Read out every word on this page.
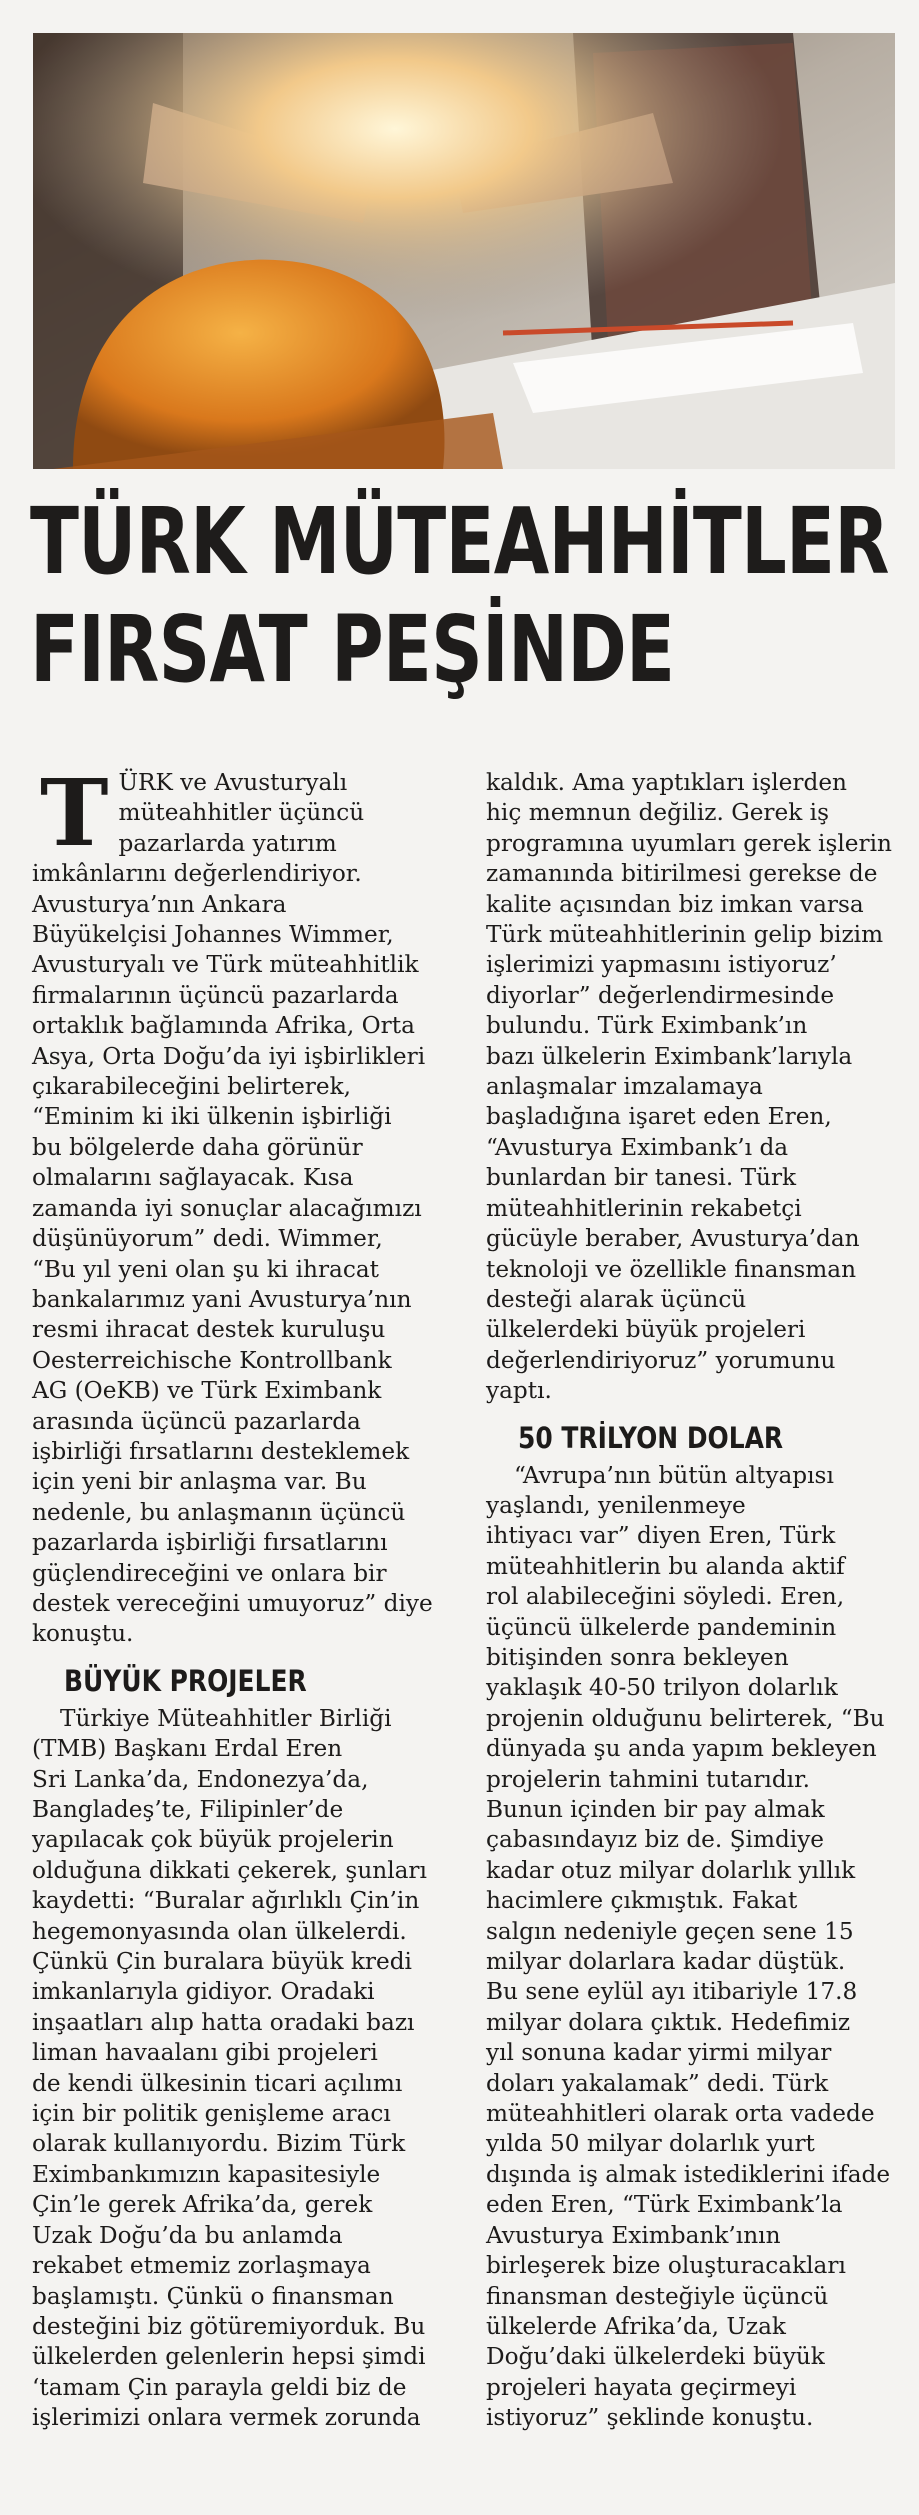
TÜRK MÜTEAHHİTLER
FIRSAT PEŞİNDE
T ÜRK ve Avusturyalı
müteahhitler üçüncü
pazarlarda yatırım
imkânlarını değerlendiriyor.
Avusturya’nın Ankara
Büyükelçisi Johannes Wimmer,
Avusturyalı ve Türk müteahhitlik
firmalarının üçüncü pazarlarda
ortaklık bağlamında Afrika, Orta
Asya, Orta Doğu’da iyi işbirlikleri
çıkarabileceğini belirterek,
“Eminim ki iki ülkenin işbirliği
bu bölgelerde daha görünür
olmalarını sağlayacak. Kısa
zamanda iyi sonuçlar alacağımızı
düşünüyorum” dedi. Wimmer,
“Bu yıl yeni olan şu ki ihracat
bankalarımız yani Avusturya’nın
resmi ihracat destek kuruluşu
Oesterreichische Kontrollbank
AG (OeKB) ve Türk Eximbank
arasında üçüncü pazarlarda
işbirliği fırsatlarını desteklemek
için yeni bir anlaşma var. Bu
nedenle, bu anlaşmanın üçüncü
pazarlarda işbirliği fırsatlarını
güçlendireceğini ve onlara bir
destek vereceğini umuyoruz” diye
konuştu.

BÜYÜK PROJELER

Türkiye Müteahhitler Birliği
(TMB) Başkanı Erdal Eren
Sri Lanka’da, Endonezya’da,
Bangladeş’te, Filipinler’de
yapılacak çok büyük projelerin
olduğuna dikkati çekerek, şunları
kaydetti: “Buralar ağırlıklı Çin’in
hegemonyasında olan ülkelerdi.
Çünkü Çin buralara büyük kredi
imkanlarıyla gidiyor. Oradaki
inşaatları alıp hatta oradaki bazı
liman havaalanı gibi projeleri
de kendi ülkesinin ticari açılımı
için bir politik genişleme aracı
olarak kullanıyordu. Bizim Türk
Eximbankımızın kapasitesiyle
Çin’le gerek Afrika’da, gerek
Uzak Doğu’da bu anlamda
rekabet etmemiz zorlaşmaya
başlamıştı. Çünkü o finansman
desteğini biz götüremiyorduk. Bu
ülkelerden gelenlerin hepsi şimdi
‘tamam Çin parayla geldi biz de
işlerimizi onlara vermek zorunda

kaldık. Ama yaptıkları işlerden
hiç memnun değiliz. Gerek iş
programına uyumları gerek işlerin
zamanında bitirilmesi gerekse de
kalite açısından biz imkan varsa
Türk müteahhitlerinin gelip bizim
işlerimizi yapmasını istiyoruz’
diyorlar” değerlendirmesinde
bulundu. Türk Eximbank’ın
bazı ülkelerin Eximbank’larıyla
anlaşmalar imzalamaya
başladığına işaret eden Eren,
“Avusturya Eximbank’ı da
bunlardan bir tanesi. Türk
müteahhitlerinin rekabetçi
gücüyle beraber, Avusturya’dan
teknoloji ve özellikle finansman
desteği alarak üçüncü
ülkelerdeki büyük projeleri
değerlendiriyoruz” yorumunu
yaptı.

50 TRİLYON DOLAR

“Avrupa’nın bütün altyapısı
yaşlandı, yenilenmeye
ihtiyacı var” diyen Eren, Türk
müteahhitlerin bu alanda aktif
rol alabileceğini söyledi. Eren,
üçüncü ülkelerde pandeminin
bitişinden sonra bekleyen
yaklaşık 40-50 trilyon dolarlık
projenin olduğunu belirterek, “Bu
dünyada şu anda yapım bekleyen
projelerin tahmini tutarıdır.
Bunun içinden bir pay almak
çabasındayız biz de. Şimdiye
kadar otuz milyar dolarlık yıllık
hacimlere çıkmıştık. Fakat
salgın nedeniyle geçen sene 15
milyar dolarlara kadar düştük.
Bu sene eylül ayı itibariyle 17.8
milyar dolara çıktık. Hedefimiz
yıl sonuna kadar yirmi milyar
doları yakalamak” dedi. Türk
müteahhitleri olarak orta vadede
yılda 50 milyar dolarlık yurt
dışında iş almak istediklerini ifade
eden Eren, “Türk Eximbank’la
Avusturya Eximbank’ının
birleşerek bize oluşturacakları
finansman desteğiyle üçüncü
ülkelerde Afrika’da, Uzak
Doğu’daki ülkelerdeki büyük
projeleri hayata geçirmeyi
istiyoruz” şeklinde konuştu.
